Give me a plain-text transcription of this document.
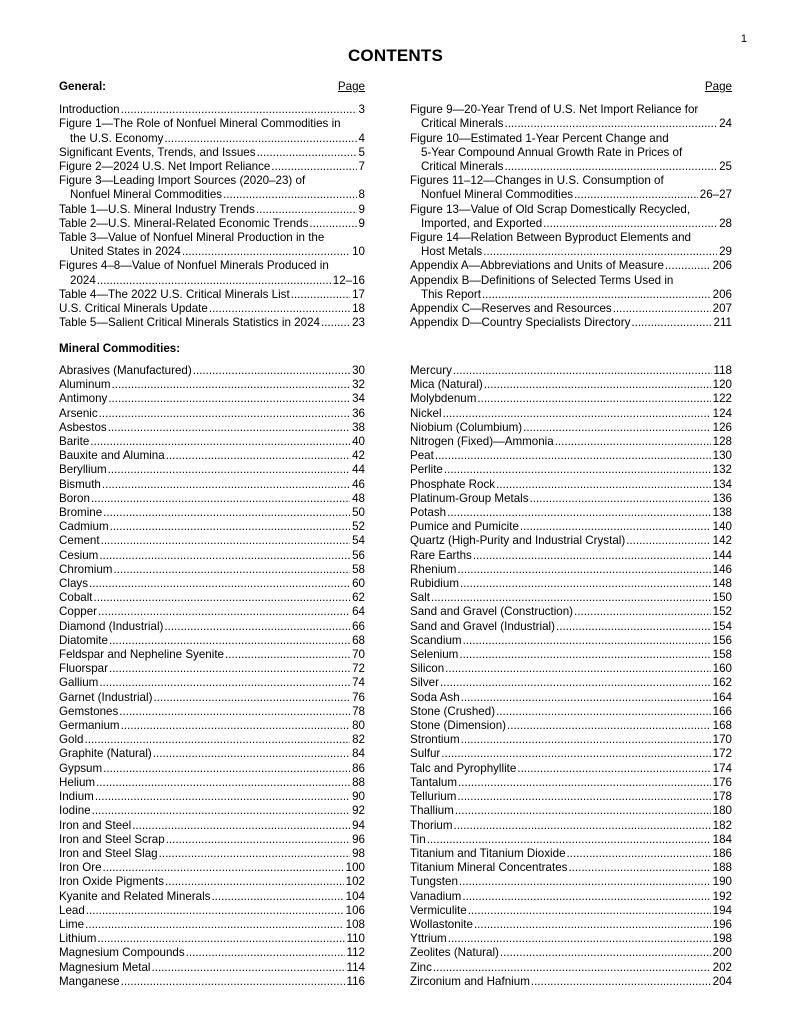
1
CONTENTS
General:	Page
Introduction .....	3
Figure 1—The Role of Nonfuel Mineral Commodities in
the U.S. Economy .....	4
Significant Events, Trends, and Issues .....	5
Figure 2—2024 U.S. Net Import Reliance .....	7
Figure 3—Leading Import Sources (2020–23) of
Nonfuel Mineral Commodities .....	8
Table 1—U.S. Mineral Industry Trends .....	9
Table 2—U.S. Mineral-Related Economic Trends .....	9
Table 3—Value of Nonfuel Mineral Production in the
United States in 2024 .....	10
Figures 4–8—Value of Nonfuel Minerals Produced in
2024 .....	12–16
Table 4—The 2022 U.S. Critical Minerals List .....	17
U.S. Critical Minerals Update .....	18
Table 5—Salient Critical Minerals Statistics in 2024 .....	23
Page
Figure 9—20-Year Trend of U.S. Net Import Reliance for
Critical Minerals .....	24
Figure 10—Estimated 1-Year Percent Change and
5-Year Compound Annual Growth Rate in Prices of
Critical Minerals .....	25
Figures 11–12—Changes in U.S. Consumption of
Nonfuel Mineral Commodities .....	26–27
Figure 13—Value of Old Scrap Domestically Recycled,
Imported, and Exported .....	28
Figure 14—Relation Between Byproduct Elements and
Host Metals .....	29
Appendix A—Abbreviations and Units of Measure .....	206
Appendix B—Definitions of Selected Terms Used in
This Report .....	206
Appendix C—Reserves and Resources .....	207
Appendix D—Country Specialists Directory .....	211
Mineral Commodities:
Abrasives (Manufactured) .....	30
Aluminum .....	32
Antimony .....	34
Arsenic .....	36
Asbestos .....	38
Barite .....	40
Bauxite and Alumina .....	42
Beryllium .....	44
Bismuth .....	46
Boron .....	48
Bromine .....	50
Cadmium .....	52
Cement .....	54
Cesium .....	56
Chromium .....	58
Clays .....	60
Cobalt .....	62
Copper .....	64
Diamond (Industrial) .....	66
Diatomite .....	68
Feldspar and Nepheline Syenite .....	70
Fluorspar .....	72
Gallium .....	74
Garnet (Industrial) .....	76
Gemstones .....	78
Germanium .....	80
Gold .....	82
Graphite (Natural) .....	84
Gypsum .....	86
Helium .....	88
Indium .....	90
Iodine .....	92
Iron and Steel .....	94
Iron and Steel Scrap .....	96
Iron and Steel Slag .....	98
Iron Ore .....	100
Iron Oxide Pigments .....	102
Kyanite and Related Minerals .....	104
Lead .....	106
Lime .....	108
Lithium .....	110
Magnesium Compounds .....	112
Magnesium Metal .....	114
Manganese .....	116
Mercury .....	118
Mica (Natural) .....	120
Molybdenum .....	122
Nickel .....	124
Niobium (Columbium) .....	126
Nitrogen (Fixed)—Ammonia .....	128
Peat .....	130
Perlite .....	132
Phosphate Rock .....	134
Platinum-Group Metals .....	136
Potash .....	138
Pumice and Pumicite .....	140
Quartz (High-Purity and Industrial Crystal) .....	142
Rare Earths .....	144
Rhenium .....	146
Rubidium .....	148
Salt .....	150
Sand and Gravel (Construction) .....	152
Sand and Gravel (Industrial) .....	154
Scandium .....	156
Selenium .....	158
Silicon .....	160
Silver .....	162
Soda Ash .....	164
Stone (Crushed) .....	166
Stone (Dimension) .....	168
Strontium .....	170
Sulfur .....	172
Talc and Pyrophyllite .....	174
Tantalum .....	176
Tellurium .....	178
Thallium .....	180
Thorium .....	182
Tin .....	184
Titanium and Titanium Dioxide .....	186
Titanium Mineral Concentrates .....	188
Tungsten .....	190
Vanadium .....	192
Vermiculite .....	194
Wollastonite .....	196
Yttrium .....	198
Zeolites (Natural) .....	200
Zinc .....	202
Zirconium and Hafnium .....	204
